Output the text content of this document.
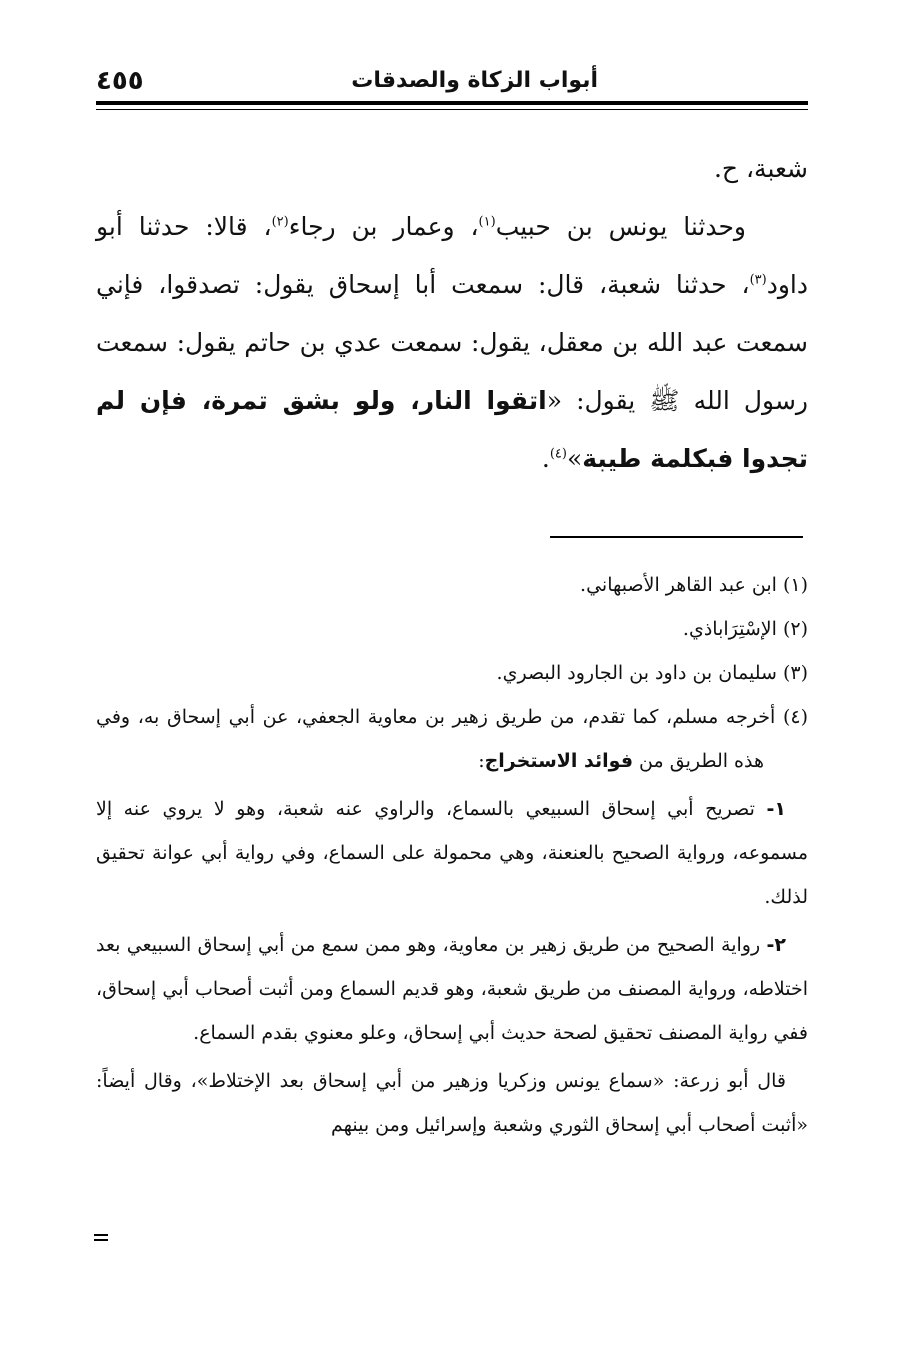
أبواب الزكاة والصدقات
٤٥٥

شعبة، ح.

وحدثنا يونس بن حبيب$^{(١)}$، وعمار بن رجاء$^{(٢)}$، قالا: حدثنا أبو داود$^{(٣)}$، حدثنا شعبة، قال: سمعت أبا إسحاق يقول: تصدقوا، فإني سمعت عبد الله بن معقل، يقول: سمعت عدي بن حاتم يقول: سمعت رسول الله ﷺ يقول: «اتقوا النار، ولو بشق تمرة، فإن لم تجدوا فبكلمة طيبة»$^{(٤)}$.

(١) ابن عبد القاهر الأصبهاني.

(٢) الإسْتِرَاباذي.

(٣) سليمان بن داود بن الجارود البصري.

(٤) أخرجه مسلم، كما تقدم، من طريق زهير بن معاوية الجعفي، عن أبي إسحاق به، وفي هذه الطريق من فوائد الاستخراج:

١- تصريح أبي إسحاق السبيعي بالسماع، والراوي عنه شعبة، وهو لا يروي عنه إلا مسموعه، ورواية الصحيح بالعنعنة، وهي محمولة على السماع، وفي رواية أبي عوانة تحقيق لذلك.

٢- رواية الصحيح من طريق زهير بن معاوية، وهو ممن سمع من أبي إسحاق السبيعي بعد اختلاطه، ورواية المصنف من طريق شعبة، وهو قديم السماع ومن أثبت أصحاب أبي إسحاق، ففي رواية المصنف تحقيق لصحة حديث أبي إسحاق، وعلو معنوي بقدم السماع.

قال أبو زرعة: «سماع يونس وزكريا وزهير من أبي إسحاق بعد الإختلاط»، وقال أيضاً: «أثبت أصحاب أبي إسحاق الثوري وشعبة وإسرائيل ومن بينهم
